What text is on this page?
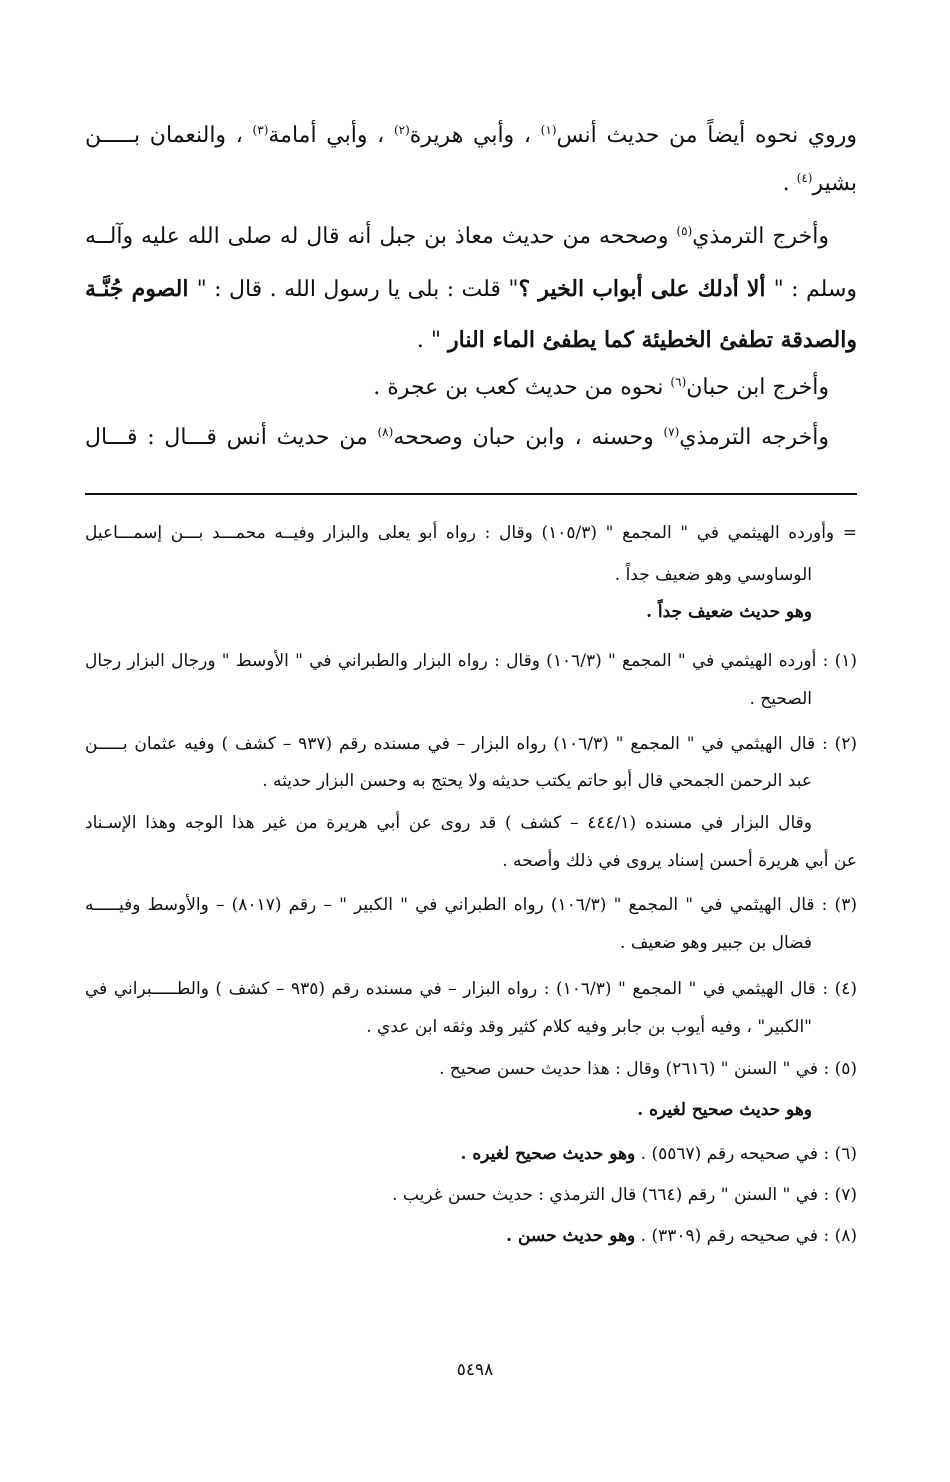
وروي نحوه أيضاً من حديث أنس$^{(١)}$ ، وأبي هريرة$^{(٢)}$ ، وأبي أمامة$^{(٣)}$ ، والنعمان بـــــن
بشير$^{(٤)}$ .
وأخرج الترمذي$^{(٥)}$ وصححه من حديث معاذ بن جبل أنه قال له صلى الله عليه وآلــه
وسلم : " ألا أدلك على أبواب الخير ؟" قلت : بلى يا رسول الله . قال : " الصوم جُنَّـة
والصدقة تطفئ الخطيئة كما يطفئ الماء النار " .
وأخرج ابن حبان$^{(٦)}$ نحوه من حديث كعب بن عجرة .
وأخرجه الترمذي$^{(٧)}$ وحسنه ، وابن حبان وصححه$^{(٨)}$ من حديث أنس قـــال : قـــال
= وأورده الهيثمي في " المجمع " (١٠٥/٣) وقال : رواه أبو يعلى والبزار وفيــه محمـــد بـــن إسمـــاعيل
الوساوسي وهو ضعيف جداً .
وهو حديث ضعيف جداً .
(١) : أورده الهيثمي في " المجمع " (١٠٦/٣) وقال : رواه البزار والطبراني في " الأوسط " ورجال البزار رجال
الصحيح .
(٢) : قال الهيثمي في " المجمع " (١٠٦/٣) رواه البزار – في مسنده رقم (٩٣٧ – كشف ) وفيه عثمان بـــــن
عبد الرحمن الجمحي قال أبو حاتم يكتب حديثه ولا يحتج به وحسن البزار حديثه .
وقال البزار في مسنده (٤٤٤/١ – كشف ) قد روى عن أبي هريرة من غير هذا الوجه وهذا الإسـناد
عن أبي هريرة أحسن إسناد يروى في ذلك وأصحه .
(٣) : قال الهيثمي في " المجمع " (١٠٦/٣) رواه الطبراني في " الكبير " – رقم (٨٠١٧) – والأوسط وفيـــــه
فضال بن جبير وهو ضعيف .
(٤) : قال الهيثمي في " المجمع " (١٠٦/٣) : رواه البزار – في مسنده رقم (٩٣٥ – كشف ) والطـــــبراني في
"الكبير" ، وفيه أيوب بن جابر وفيه كلام كثير وقد وثقه ابن عدي .
(٥) : في " السنن " (٢٦١٦) وقال : هذا حديث حسن صحيح .
وهو حديث صحيح لغيره .
(٦) : في صحيحه رقم (٥٥٦٧) . وهو حديث صحيح لغيره .
(٧) : في " السنن " رقم (٦٦٤) قال الترمذي : حديث حسن غريب .
(٨) : في صحيحه رقم (٣٣٠٩) . وهو حديث حسن .
٥٤٩٨
